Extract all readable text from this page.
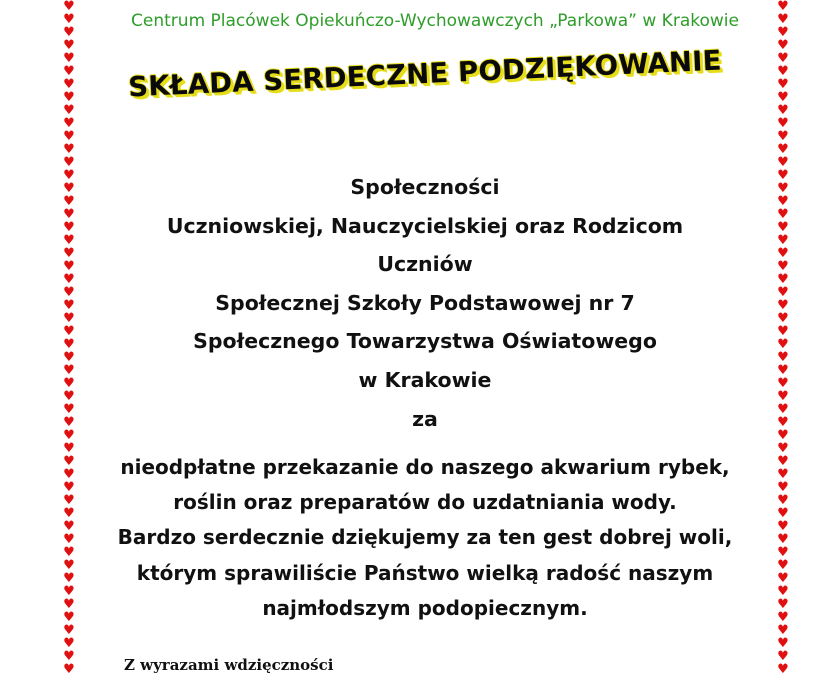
♥
♥
♥
♥
♥
♥
♥
♥
♥
♥
♥
♥
♥
♥
♥
♥
♥
♥
♥
♥
♥
♥
♥
♥
♥
♥
♥
♥
♥
♥
♥
♥
♥
♥
♥
♥
♥
♥
♥
♥
♥
♥
♥
♥
♥
♥
♥
♥
♥
♥
♥
♥
♥
♥
♥
♥
♥
♥
♥
♥
♥
♥
♥
♥
♥
♥
♥
♥
♥
♥
♥
♥
♥
♥
♥
♥
♥
♥
♥
♥
♥
♥
♥
♥
♥
♥
♥
♥
♥
♥
♥
♥
♥
♥
♥
♥
♥
♥
♥
♥
♥
♥
♥
♥
Centrum Placówek Opiekuńczo-Wychowawczych „Parkowa” w Krakowie
SKŁADA SERDECZNE PODZIĘKOWANIE
Społeczności
Uczniowskiej, Nauczycielskiej oraz Rodzicom
Uczniów
Społecznej Szkoły Podstawowej nr 7
Społecznego Towarzystwa Oświatowego
w Krakowie
za
nieodpłatne przekazanie do naszego akwarium rybek,
roślin oraz preparatów do uzdatniania wody.
Bardzo serdecznie dziękujemy za ten gest dobrej woli,
którym sprawiliście Państwo wielką radość naszym
najmłodszym podopiecznym.
Z wyrazami wdzięczności
